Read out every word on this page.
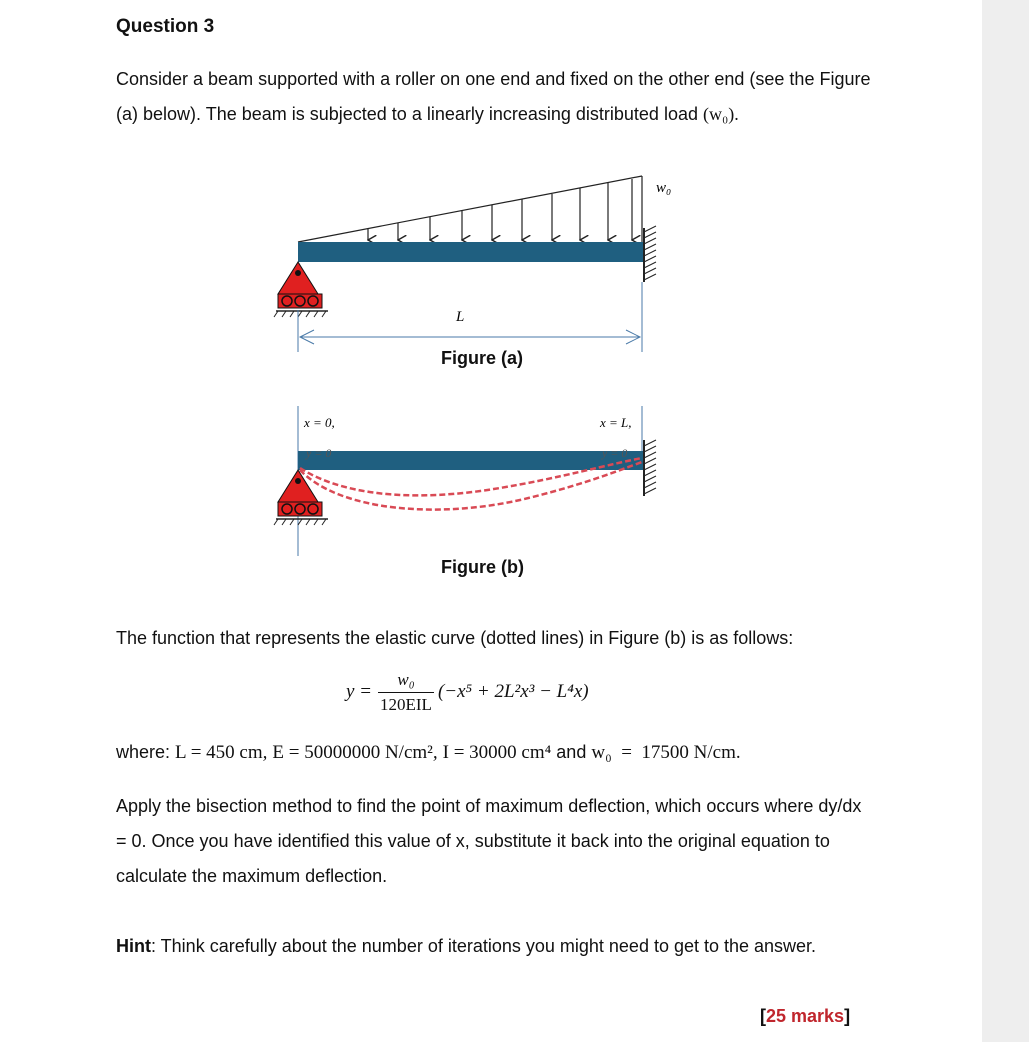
Question 3
Consider a beam supported with a roller on one end and fixed on the other end (see the Figure (a) below). The beam is subjected to a linearly increasing distributed load (w₀).
w₀
L
Figure (a)
x = 0,	x = L,
y = 0	y = 0
Figure (b)
The function that represents the elastic curve (dotted lines) in Figure (b) is as follows:
y =
w₀
120EIL
(−x⁵ + 2L²x³ − L⁴x)
where: L = 450 cm, E = 50000000 N/cm², I = 30000 cm⁴ and w₀  =  17500 N/cm.
Apply the bisection method to find the point of maximum deflection, which occurs where dy/dx = 0. Once you have identified this value of x, substitute it back into the original equation to calculate the maximum deflection.
Hint: Think carefully about the number of iterations you might need to get to the answer.
[25 marks]
